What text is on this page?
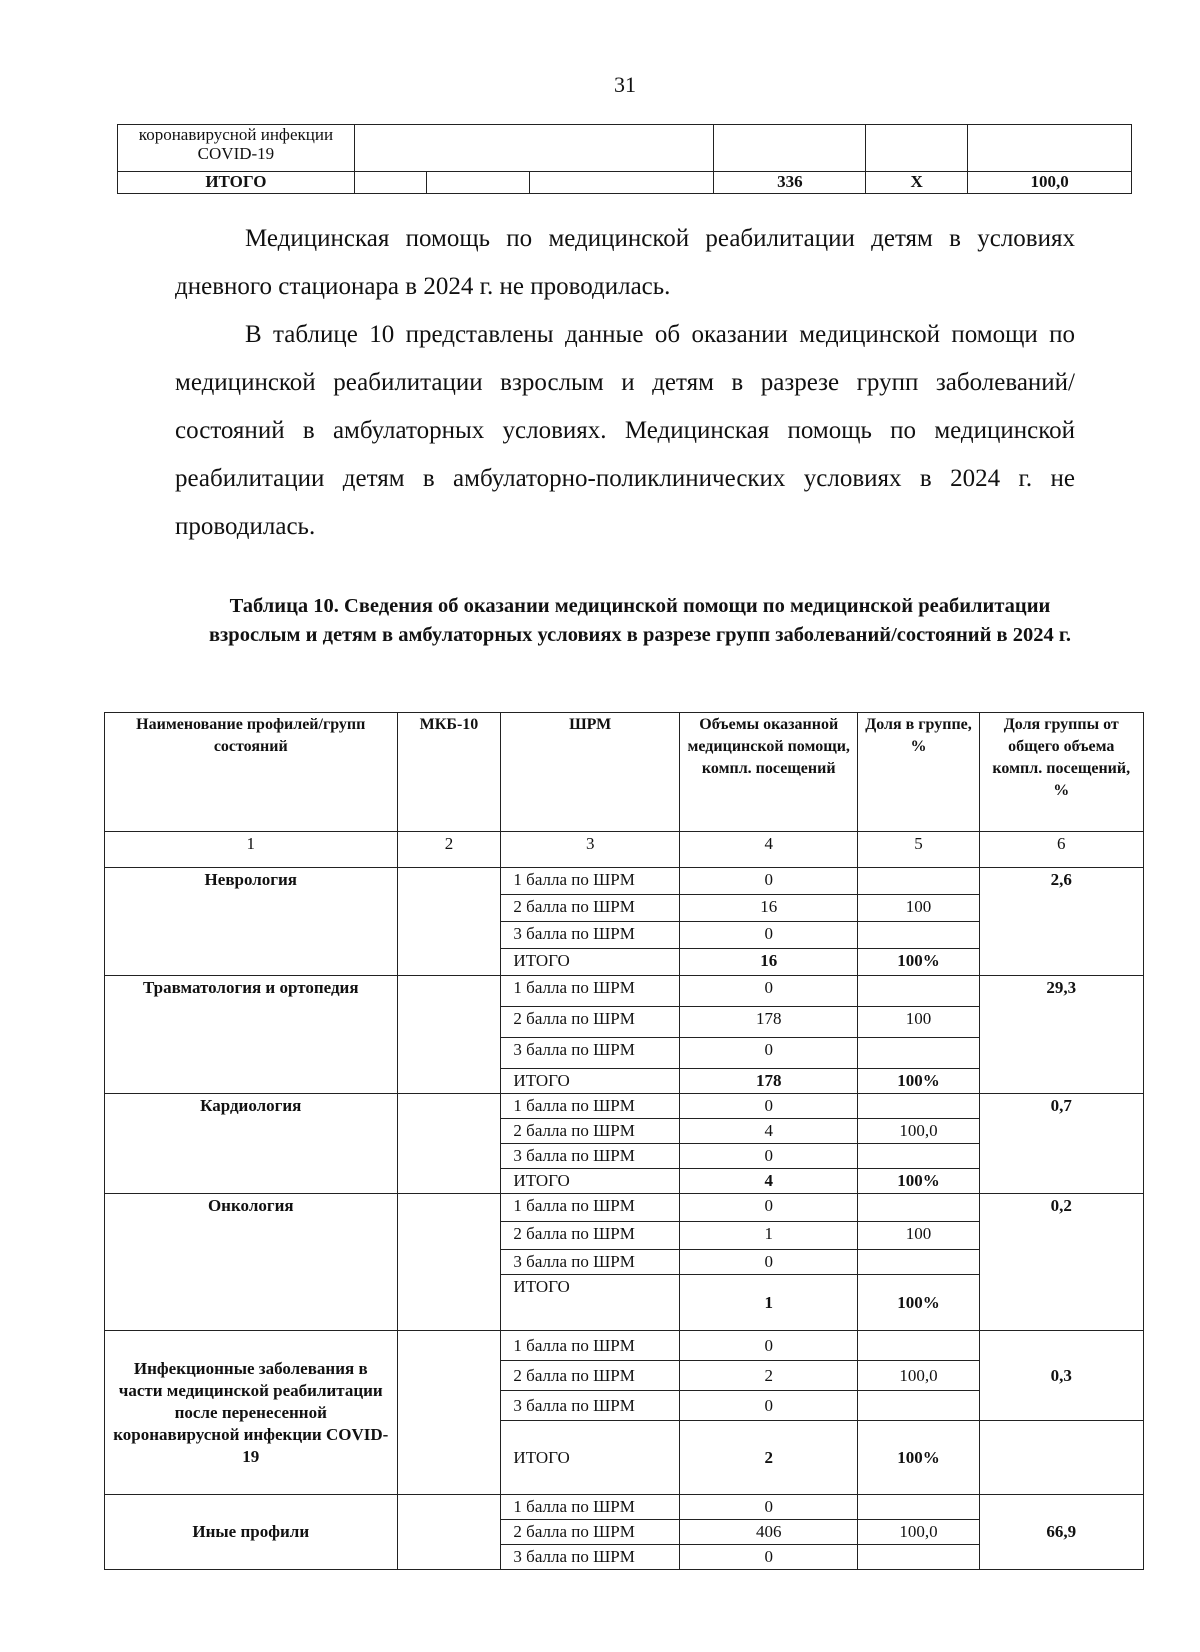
31
коронавирусной инфекции COVID-19						
ИТОГО				336	X	100,0
Медицинская помощь по медицинской реабилитации детям в условиях дневного стационара в 2024 г. не проводилась.
В таблице 10 представлены данные об оказании медицинской помощи по медицинской реабилитации взрослым и детям в разрезе групп заболеваний/состояний в амбулаторных условиях. Медицинская помощь по медицинской реабилитации детям в амбулаторно-поликлинических условиях в 2024 г. не проводилась.
Таблица 10. Сведения об оказании медицинской помощи по медицинской реабилитации взрослым и детям в амбулаторных условиях в разрезе групп заболеваний/состояний в 2024 г.
Наименование профилей/групп состояний	МКБ-10	ШРМ	Объемы оказанной медицинской помощи, компл. посещений	Доля в группе, %	Доля группы от общего объема компл. посещений, %
1	2	3	4	5	6
Неврология		1 балла по ШРМ	0		2,6
		2 балла по ШРМ	16	100	
		3 балла по ШРМ	0		
		ИТОГО	16	100%	
Травматология и ортопедия		1 балла по ШРМ	0		29,3
		2 балла по ШРМ	178	100	
		3 балла по ШРМ	0		
		ИТОГО	178	100%	
Кардиология		1 балла по ШРМ	0		0,7
		2 балла по ШРМ	4	100,0	
		3 балла по ШРМ	0		
		ИТОГО	4	100%	
Онкология		1 балла по ШРМ	0		0,2
		2 балла по ШРМ	1	100	
		3 балла по ШРМ	0		
		ИТОГО	1	100%	
Инфекционные заболевания в части медицинской реабилитации после перенесенной коронавирусной инфекции COVID-19		1 балла по ШРМ	0		0,3
		2 балла по ШРМ	2	100,0	
		3 балла по ШРМ	0		
		ИТОГО	2	100%	
Иные профили		1 балла по ШРМ	0		66,9
		2 балла по ШРМ	406	100,0	
		3 балла по ШРМ	0		
